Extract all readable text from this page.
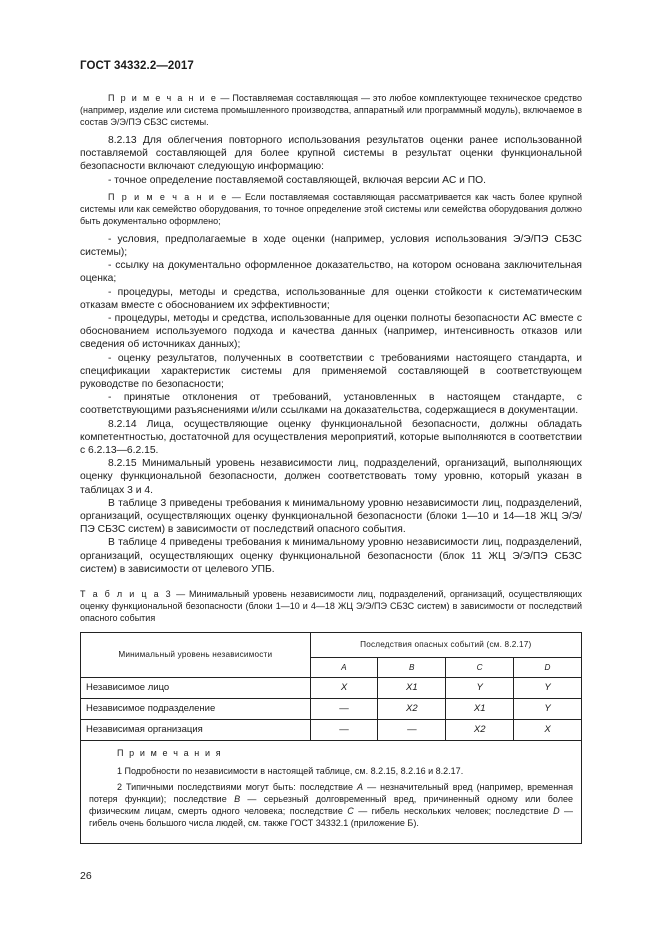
ГОСТ 34332.2—2017

П р и м е ч а н и е — Поставляемая составляющая — это любое комплектующее техническое средство (например, изделие или система промышленного производства, аппаратный или программный модуль), включаемое в состав Э/Э/ПЭ СБЗС системы.

8.2.13 Для облегчения повторного использования результатов оценки ранее использованной поставляемой составляющей для более крупной системы в результат оценки функциональной безопасности включают следующую информацию:

- точное определение поставляемой составляющей, включая версии АС и ПО.

П р и м е ч а н и е — Если поставляемая составляющая рассматривается как часть более крупной системы или как семейство оборудования, то точное определение этой системы или семейства оборудования должно быть документально оформлено;

- условия, предполагаемые в ходе оценки (например, условия использования Э/Э/ПЭ СБЗС системы);

- ссылку на документально оформленное доказательство, на котором основана заключительная оценка;

- процедуры, методы и средства, использованные для оценки стойкости к систематическим отказам вместе с обоснованием их эффективности;

- процедуры, методы и средства, использованные для оценки полноты безопасности АС вместе с обоснованием используемого подхода и качества данных (например, интенсивность отказов или сведения об источниках данных);

- оценку результатов, полученных в соответствии с требованиями настоящего стандарта, и спецификации характеристик системы для применяемой составляющей в соответствующем руководстве по безопасности;

- принятые отклонения от требований, установленных в настоящем стандарте, с соответствующими разъяснениями и/или ссылками на доказательства, содержащиеся в документации.

8.2.14 Лица, осуществляющие оценку функциональной безопасности, должны обладать компетентностью, достаточной для осуществления мероприятий, которые выполняются в соответствии с 6.2.13—6.2.15.

8.2.15 Минимальный уровень независимости лиц, подразделений, организаций, выполняющих оценку функциональной безопасности, должен соответствовать тому уровню, который указан в таблицах 3 и 4.

В таблице 3 приведены требования к минимальному уровню независимости лиц, подразделений, организаций, осуществляющих оценку функциональной безопасности (блоки 1—10 и 14—18 ЖЦ Э/Э/ПЭ СБЗС систем) в зависимости от последствий опасного события.

В таблице 4 приведены требования к минимальному уровню независимости лиц, подразделений, организаций, осуществляющих оценку функциональной безопасности (блок 11 ЖЦ Э/Э/ПЭ СБЗС систем) в зависимости от целевого УПБ.

Т а б л и ц а 3 — Минимальный уровень независимости лиц, подразделений, организаций, осуществляющих оценку функциональной безопасности (блоки 1—10 и 4—18 ЖЦ Э/Э/ПЭ СБЗС систем) в зависимости от последствий опасного события

Минимальный уровень независимости	Последствия опасных событий (см. 8.2.17)			
	A	B	C	D
Независимое лицо	X	X1	Y	Y
Независимое подразделение	—	X2	X1	Y
Независимая организация	—	—	X2	X

П р и м е ч а н и я

1 Подробности по независимости в настоящей таблице, см. 8.2.15, 8.2.16 и 8.2.17.

2 Типичными последствиями могут быть: последствие A — незначительный вред (например, временная потеря функции); последствие B — серьезный долговременный вред, причиненный одному или более физическим лицам, смерть одного человека; последствие C — гибель нескольких человек; последствие D — гибель очень большого числа людей, см. также ГОСТ 34332.1 (приложение Б).				

26
